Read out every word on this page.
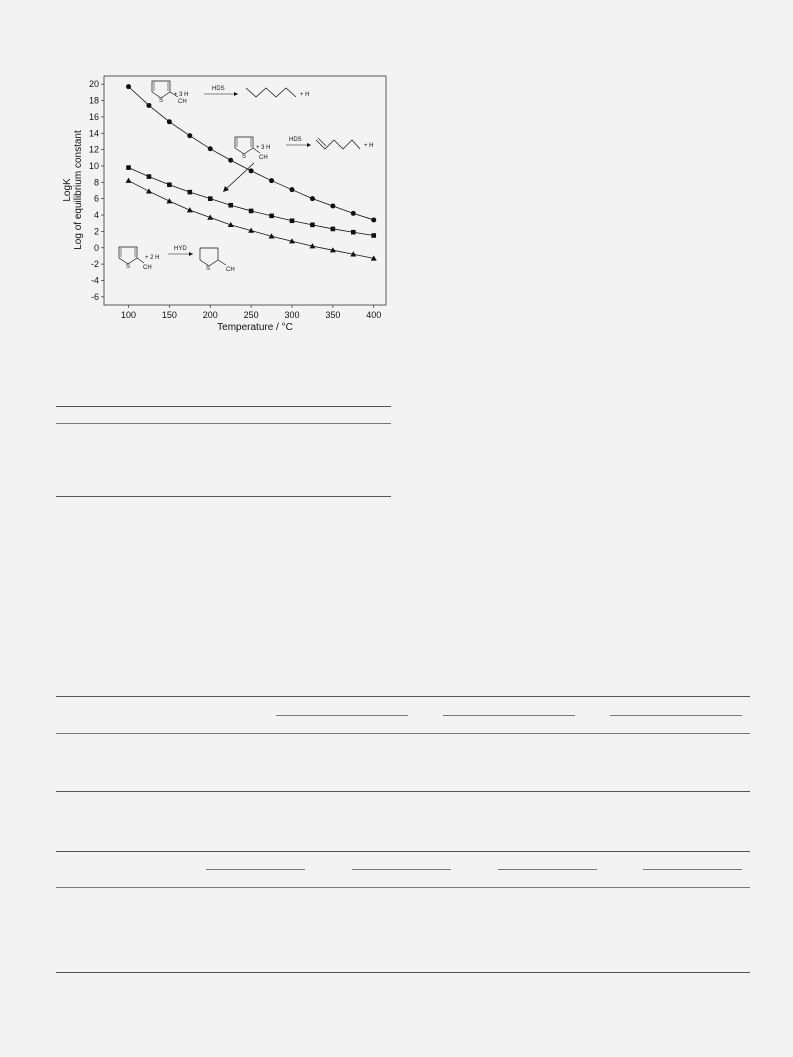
100	150	200	250	300	350	400
-6
-4
-2
0
2
4
6
8
10
12
14
16
18
20
Temperature / °C
LogK Log of equilibrium constant
S CH
+ 3 H
HDS
+ H
S CH
+ 3 H
HDS
+ H
S CH
+ 2 H
HYD
S	CH
